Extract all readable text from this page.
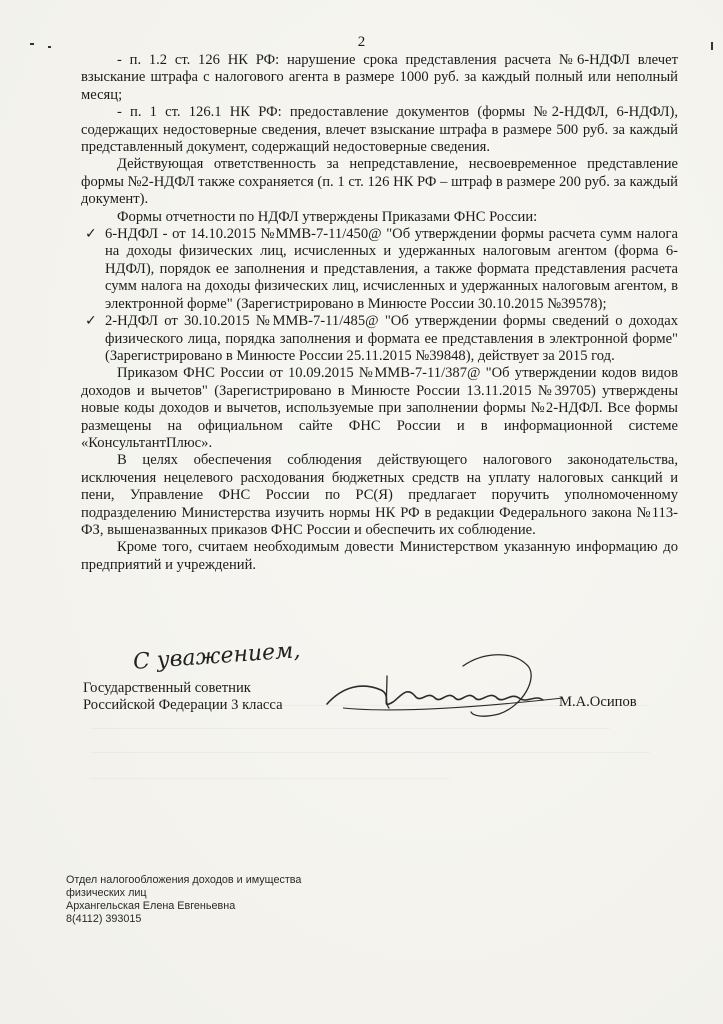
2

- п. 1.2 ст. 126 НК РФ: нарушение срока представления расчета №6-НДФЛ влечет взыскание штрафа с налогового агента в размере 1000 руб. за каждый полный или неполный месяц;

- п. 1 ст. 126.1 НК РФ: предоставление документов (формы №2-НДФЛ, 6-НДФЛ), содержащих недостоверные сведения, влечет взыскание штрафа в размере 500 руб. за каждый представленный документ, содержащий недостоверные сведения.

Действующая ответственность за непредставление, несвоевременное представление формы №2-НДФЛ также сохраняется (п. 1 ст. 126 НК РФ – штраф в размере 200 руб. за каждый документ).

Формы отчетности по НДФЛ утверждены Приказами ФНС России:

✓ 6-НДФЛ - от 14.10.2015 №ММВ-7-11/450@ "Об утверждении формы расчета сумм налога на доходы физических лиц, исчисленных и удержанных налоговым агентом (форма 6-НДФЛ), порядок ее заполнения и представления, а также формата представления расчета сумм налога на доходы физических лиц, исчисленных и удержанных налоговым агентом, в электронной форме" (Зарегистрировано в Минюсте России 30.10.2015 №39578);
✓ 2-НДФЛ от 30.10.2015 №ММВ-7-11/485@ "Об утверждении формы сведений о доходах физического лица, порядка заполнения и формата ее представления в электронной форме" (Зарегистрировано в Минюсте России 25.11.2015 №39848), действует за 2015 год.

Приказом ФНС России от 10.09.2015 №ММВ-7-11/387@ "Об утверждении кодов видов доходов и вычетов" (Зарегистрировано в Минюсте России 13.11.2015 №39705) утверждены новые коды доходов и вычетов, используемые при заполнении формы №2-НДФЛ. Все формы размещены на официальном сайте ФНС России и в информационной системе «КонсультантПлюс».

В целях обеспечения соблюдения действующего налогового законодательства, исключения нецелевого расходования бюджетных средств на уплату налоговых санкций и пени, Управление ФНС России по РС(Я) предлагает поручить уполномоченному подразделению Министерства изучить нормы НК РФ в редакции Федерального закона №113-ФЗ, вышеназванных приказов ФНС России и обеспечить их соблюдение.

Кроме того, считаем необходимым довести Министерством указанную информацию до предприятий и учреждений.

С уважением,
Государственный советник
Российской Федерации 3 класса	М.А.Осипов
Отдел налогообложения доходов и имущества
физических лиц
Архангельская Елена Евгеньевна
8(4112) 393015
